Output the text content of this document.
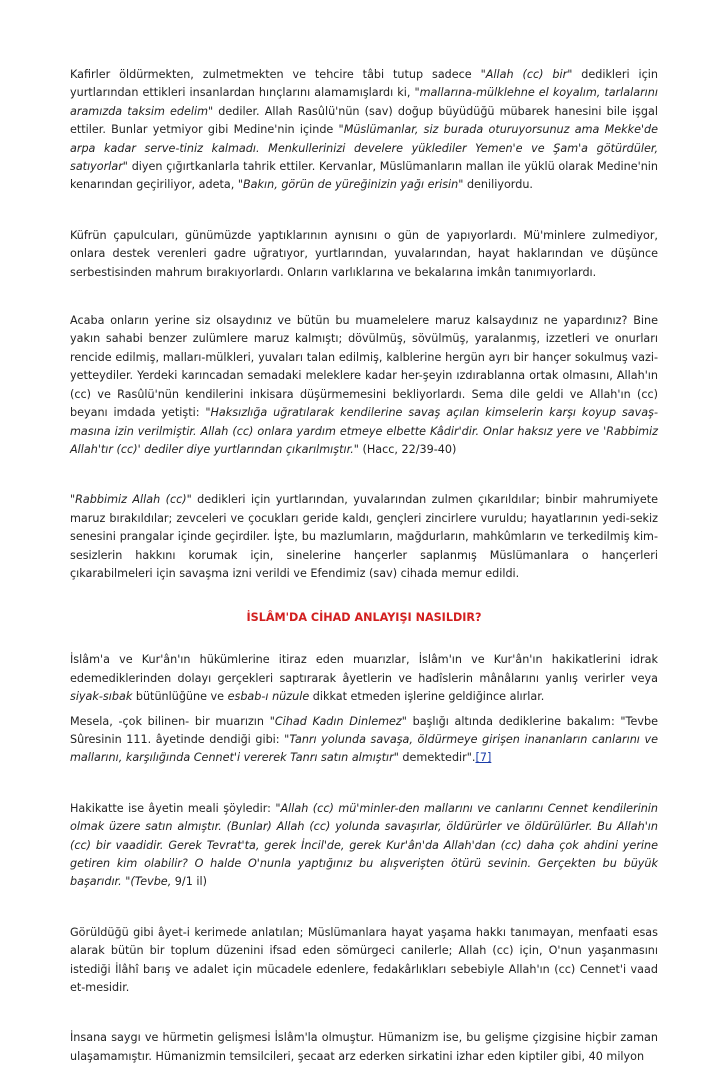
Kafirler öldürmekten, zulmetmekten ve tehcire tâbi tutup sadece "Allah (cc) bir" dedikleri için yurtlarından ettikleri insanlardan hınçlarını alamamışlardı ki, "mallarına-mülklehne el koyalım, tarlalarını aramızda taksim edelim" dediler. Allah Rasûlü'nün (sav) doğup büyüdüğü mübarek hanesini bile işgal ettiler. Bunlar yetmiyor gibi Medine'nin içinde "Müslümanlar, siz burada oturuyorsunuz ama Mekke'de arpa kadar serve-tiniz kalmadı. Menkullerinizi develere yüklediler Yemen'e ve Şam'a götürdüler, satıyorlar" diyen çığırtkanlarla tahrik ettiler. Kervanlar, Müslümanların mallan ile yüklü olarak Medine'nin kenarından geçiriliyor, adeta, "Bakın, görün de yüreğinizin yağı erisin" deniliyordu.

Küfrün çapulcuları, günümüzde yaptıklarının aynısını o gün de yapıyorlardı. Mü'minlere zulmediyor, onlara destek verenleri gadre uğratıyor, yurtlarından, yuvalarından, hayat haklarından ve düşünce serbestisinden mahrum bırakıyorlardı. Onların varlıklarına ve bekalarına imkân tanımıyorlardı.

Acaba onların yerine siz olsaydınız ve bütün bu muamelelere maruz kalsaydınız ne yapardınız? Bine yakın sahabi benzer zulümlere maruz kalmıştı; dövülmüş, sövülmüş, yaralanmış, izzetleri ve onurları rencide edilmiş, malları-mülkleri, yuvaları talan edilmiş, kalblerine hergün ayrı bir hançer sokulmuş vazi-yetteydiler. Yerdeki karıncadan semadaki meleklere kadar her-şeyin ızdırablanna ortak olmasını, Allah'ın (cc) ve Rasûlü'nün kendilerini inkisara düşürmemesini bekliyorlardı. Sema dile geldi ve Allah'ın (cc) beyanı imdada yetişti: "Haksızlığa uğratılarak kendilerine savaş açılan kimselerin karşı koyup savaş-masına izin verilmiştir. Allah (cc) onlara yardım etmeye elbette Kâdir'dir. Onlar haksız yere ve 'Rabbimiz Allah'tır (cc)' dediler diye yurtlarından çıkarılmıştır." (Hacc, 22/39-40)

"Rabbimiz Allah (cc)" dedikleri için yurtlarından, yuvalarından zulmen çıkarıldılar; binbir mahrumiyete maruz bırakıldılar; zevceleri ve çocukları geride kaldı, gençleri zincirlere vuruldu; hayatlarının yedi-sekiz senesini prangalar içinde geçirdiler. İşte, bu mazlumların, mağdurların, mahkûmların ve terkedilmiş kim-sesizlerin hakkını korumak için, sinelerine hançerler saplanmış Müslümanlara o hançerleri çıkarabilmeleri için savaşma izni verildi ve Efendimiz (sav) cihada memur edildi.

İSLÂM'DA CİHAD ANLAYIŞI NASILDIR?

İslâm'a ve Kur'ân'ın hükümlerine itiraz eden muarızlar, İslâm'ın ve Kur'ân'ın hakikatlerini idrak edemediklerinden dolayı gerçekleri saptırarak âyetlerin ve hadîslerin mânâlarını yanlış verirler veya siyak-sıbak bütünlüğüne ve esbab-ı nüzule dikkat etmeden işlerine geldiğince alırlar.

Mesela, -çok bilinen- bir muarızın "Cihad Kadın Dinlemez" başlığı altında dediklerine bakalım: "Tevbe Sûresinin 111. âyetinde dendiği gibi: "Tanrı yolunda savaşa, öldürmeye girişen inananların canlarını ve mallarını, karşılığında Cennet'i vererek Tanrı satın almıştır" demektedir".[7]

Hakikatte ise âyetin meali şöyledir: "Allah (cc) mü'minler-den mallarını ve canlarını Cennet kendilerinin olmak üzere satın almıştır. (Bunlar) Allah (cc) yolunda savaşırlar, öldürürler ve öldürülürler. Bu Allah'ın (cc) bir vaadidir. Gerek Tevrat'ta, gerek İncil'de, gerek Kur'ân'da Allah'dan (cc) daha çok ahdini yerine getiren kim olabilir? O halde O'nunla yaptığınız bu alışverişten ötürü sevinin. Gerçekten bu büyük başarıdır. "(Tevbe, 9/1 il)

Görüldüğü gibi âyet-i kerimede anlatılan; Müslümanlara hayat yaşama hakkı tanımayan, menfaati esas alarak bütün bir toplum düzenini ifsad eden sömürgeci canilerle; Allah (cc) için, O'nun yaşanmasını istediği İlâhî barış ve adalet için mücadele edenlere, fedakârlıkları sebebiyle Allah'ın (cc) Cennet'i vaad et-mesidir.

İnsana saygı ve hürmetin gelişmesi İslâm'la olmuştur. Hümanizm ise, bu gelişme çizgisine hiçbir zaman ulaşamamıştır. Hümanizmin temsilcileri, şecaat arz ederken sirkatini izhar eden kiptiler gibi, 40 milyon
